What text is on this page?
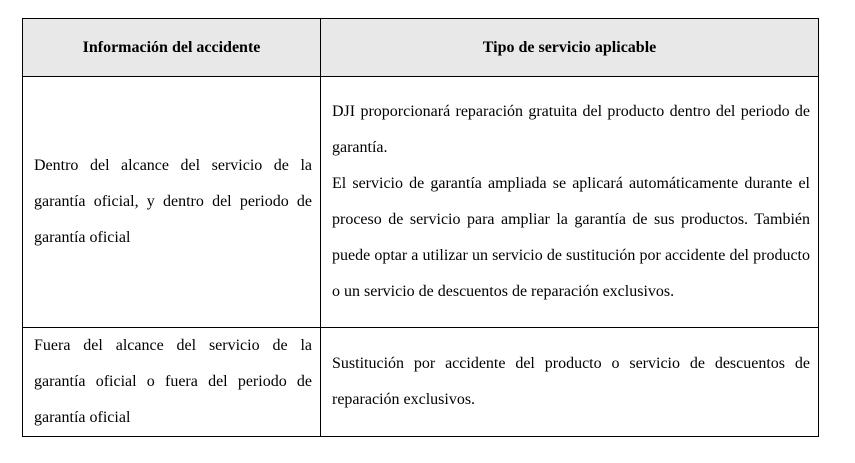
Información del accidente	Tipo de servicio aplicable
Dentro del alcance del servicio de la garantía oficial, y dentro del periodo de garantía oficial	DJI proporcionará reparación gratuita del producto dentro del periodo de garantía.

El servicio de garantía ampliada se aplicará automáticamente durante el proceso de servicio para ampliar la garantía de sus productos. También puede optar a utilizar un servicio de sustitución por accidente del producto o un servicio de descuentos de reparación exclusivos.

Fuera del alcance del servicio de la garantía oficial o fuera del periodo de garantía oficial	Sustitución por accidente del producto o servicio de descuentos de reparación exclusivos.
